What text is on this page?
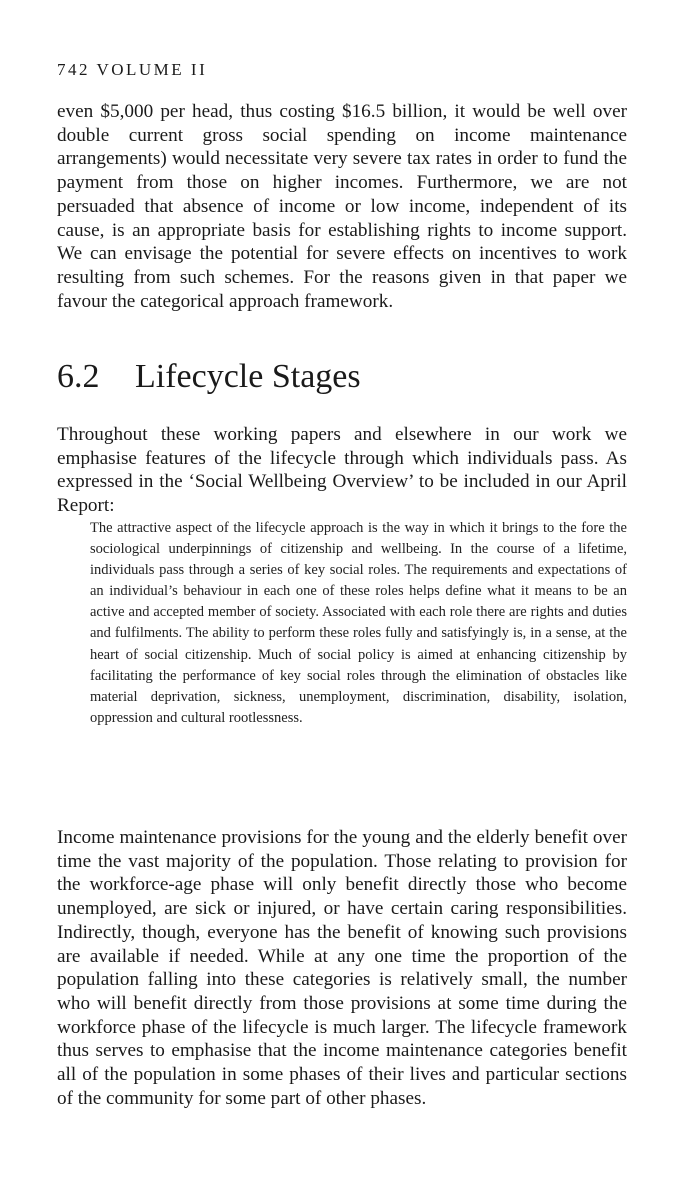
742 VOLUME II

even $5,000 per head, thus costing $16.5 billion, it would be well over double current gross social spending on income maintenance arrangements) would necessitate very severe tax rates in order to fund the payment from those on higher incomes. Furthermore, we are not persuaded that absence of income or low income, independent of its cause, is an appropriate basis for establishing rights to income support. We can envisage the potential for severe effects on incentives to work resulting from such schemes. For the reasons given in that paper we favour the categorical approach framework.

6.2 Lifecycle Stages

Throughout these working papers and elsewhere in our work we emphasise features of the lifecycle through which individuals pass. As expressed in the ‘Social Wellbeing Overview’ to be included in our April Report:

The attractive aspect of the lifecycle approach is the way in which it brings to the fore the sociological underpinnings of citizenship and wellbeing. In the course of a lifetime, individuals pass through a series of key social roles. The requirements and expectations of an individual’s behaviour in each one of these roles helps define what it means to be an active and accepted member of society. Associated with each role there are rights and duties and fulfilments. The ability to perform these roles fully and satisfyingly is, in a sense, at the heart of social citizenship. Much of social policy is aimed at enhancing citizenship by facilitating the performance of key social roles through the elimination of obstacles like material deprivation, sickness, unemployment, discrimination, disability, isolation, oppression and cultural rootlessness.

Income maintenance provisions for the young and the elderly benefit over time the vast majority of the population. Those relating to provision for the workforce-age phase will only benefit directly those who become unemployed, are sick or injured, or have certain caring responsibilities. Indirectly, though, everyone has the benefit of knowing such provisions are available if needed. While at any one time the proportion of the population falling into these categories is relatively small, the number who will benefit directly from those provisions at some time during the workforce phase of the lifecycle is much larger. The lifecycle framework thus serves to emphasise that the income maintenance categories benefit all of the population in some phases of their lives and particular sections of the community for some part of other phases.
